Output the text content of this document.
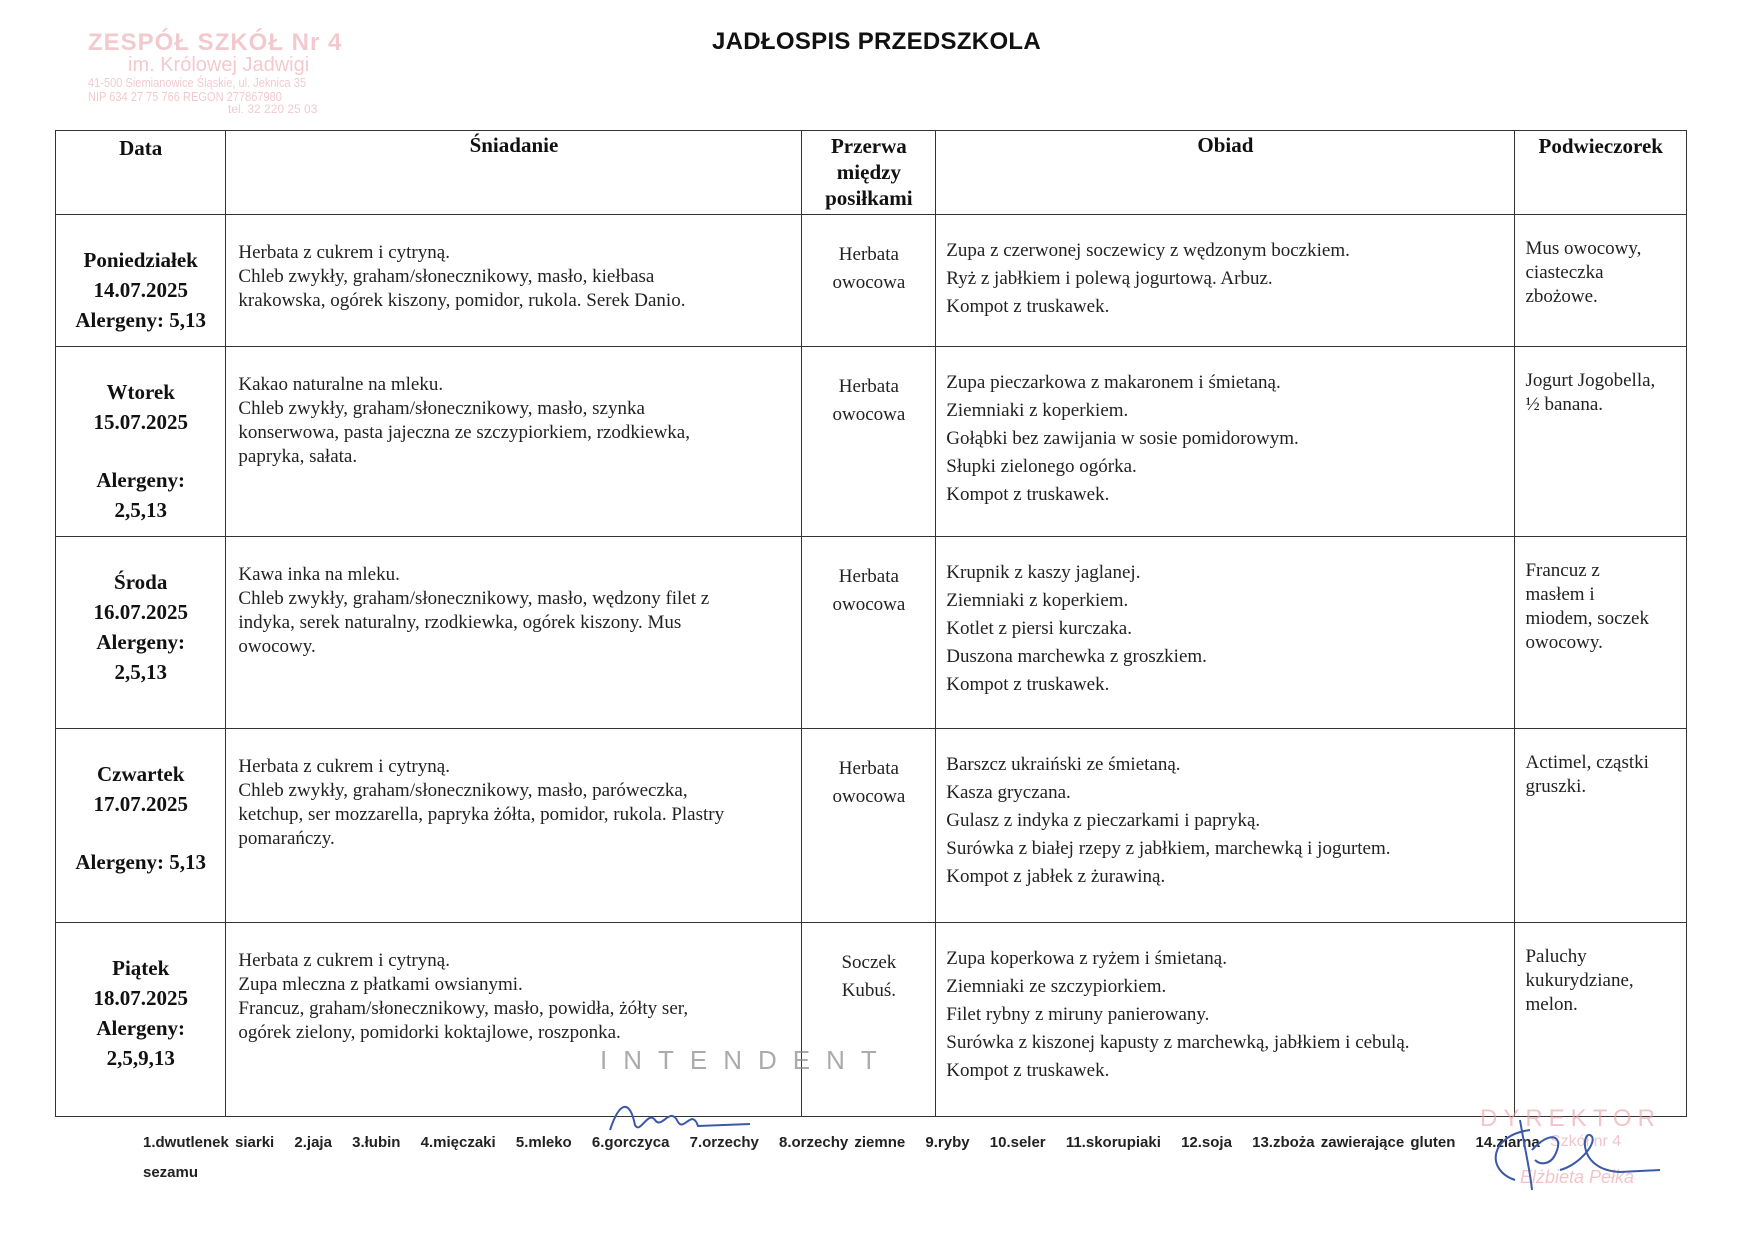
ZESPÓŁ SZKÓŁ Nr 4
im. Królowej Jadwigi
41-500 Siemianowice Śląskie, ul. Jeknica 35
NIP 634 27 75 766 REGON 277867980
tel. 32 220 25 03
JADŁOSPIS PRZEDSZKOLA
Data	Śniadanie	Przerwa
między
posiłkami	Obiad	Podwieczorek

Poniedziałek
14.07.2025
Alergeny: 5,13	Herbata z cukrem i cytryną.
Chleb zwykły, graham/słonecznikowy, masło, kiełbasa
krakowska, ogórek kiszony, pomidor, rukola. Serek Danio.	Herbata
owocowa	Zupa z czerwonej soczewicy z wędzonym boczkiem.
Ryż z jabłkiem i polewą jogurtową. Arbuz.
Kompot z truskawek.	Mus owocowy,
ciasteczka
zbożowe.

Wtorek
15.07.2025
Alergeny:
2,5,13	Kakao naturalne na mleku.
Chleb zwykły, graham/słonecznikowy, masło, szynka
konserwowa, pasta jajeczna ze szczypiorkiem, rzodkiewka,
papryka, sałata.	Herbata
owocowa	Zupa pieczarkowa z makaronem i śmietaną.
Ziemniaki z koperkiem.
Gołąbki bez zawijania w sosie pomidorowym.
Słupki zielonego ogórka.
Kompot z truskawek.	Jogurt Jogobella,
½ banana.

Środa
16.07.2025
Alergeny:
2,5,13	Kawa inka na mleku.
Chleb zwykły, graham/słonecznikowy, masło, wędzony filet z
indyka, serek naturalny, rzodkiewka, ogórek kiszony. Mus
owocowy.	Herbata
owocowa	Krupnik z kaszy jaglanej.
Ziemniaki z koperkiem.
Kotlet z piersi kurczaka.
Duszona marchewka z groszkiem.
Kompot z truskawek.	Francuz z
masłem i
miodem, soczek
owocowy.

Czwartek
17.07.2025
Alergeny: 5,13	Herbata z cukrem i cytryną.
Chleb zwykły, graham/słonecznikowy, masło, paróweczka,
ketchup, ser mozzarella, papryka żółta, pomidor, rukola. Plastry
pomarańczy.	Herbata
owocowa	Barszcz ukraiński ze śmietaną.
Kasza gryczana.
Gulasz z indyka z pieczarkami i papryką.
Surówka z białej rzepy z jabłkiem, marchewką i jogurtem.
Kompot z jabłek z żurawiną.	Actimel, cząstki
gruszki.

Piątek
18.07.2025
Alergeny:
2,5,9,13	Herbata z cukrem i cytryną.
Zupa mleczna z płatkami owsianymi.
Francuz, graham/słonecznikowy, masło, powidła, żółty ser,
ogórek zielony, pomidorki koktajlowe, roszponka.	Soczek
Kubuś.	Zupa koperkowa z ryżem i śmietaną.
Ziemniaki ze szczypiorkiem.
Filet rybny z miruny panierowany.
Surówka z kiszonej kapusty z marchewką, jabłkiem i cebulą.
Kompot z truskawek.	Paluchy
kukurydziane,
melon.
INTENDENT
1.dwutlenek siarki 2.jaja 3.łubin 4.mięczaki 5.mleko 6.gorczyca 7.orzechy 8.orzechy ziemne 9.ryby 10.seler 11.skorupiaki 12.soja 13.zboża zawierające gluten 14.ziarna
sezamu
DYREKTOR
Szkół nr 4
Elżbieta Pełka
